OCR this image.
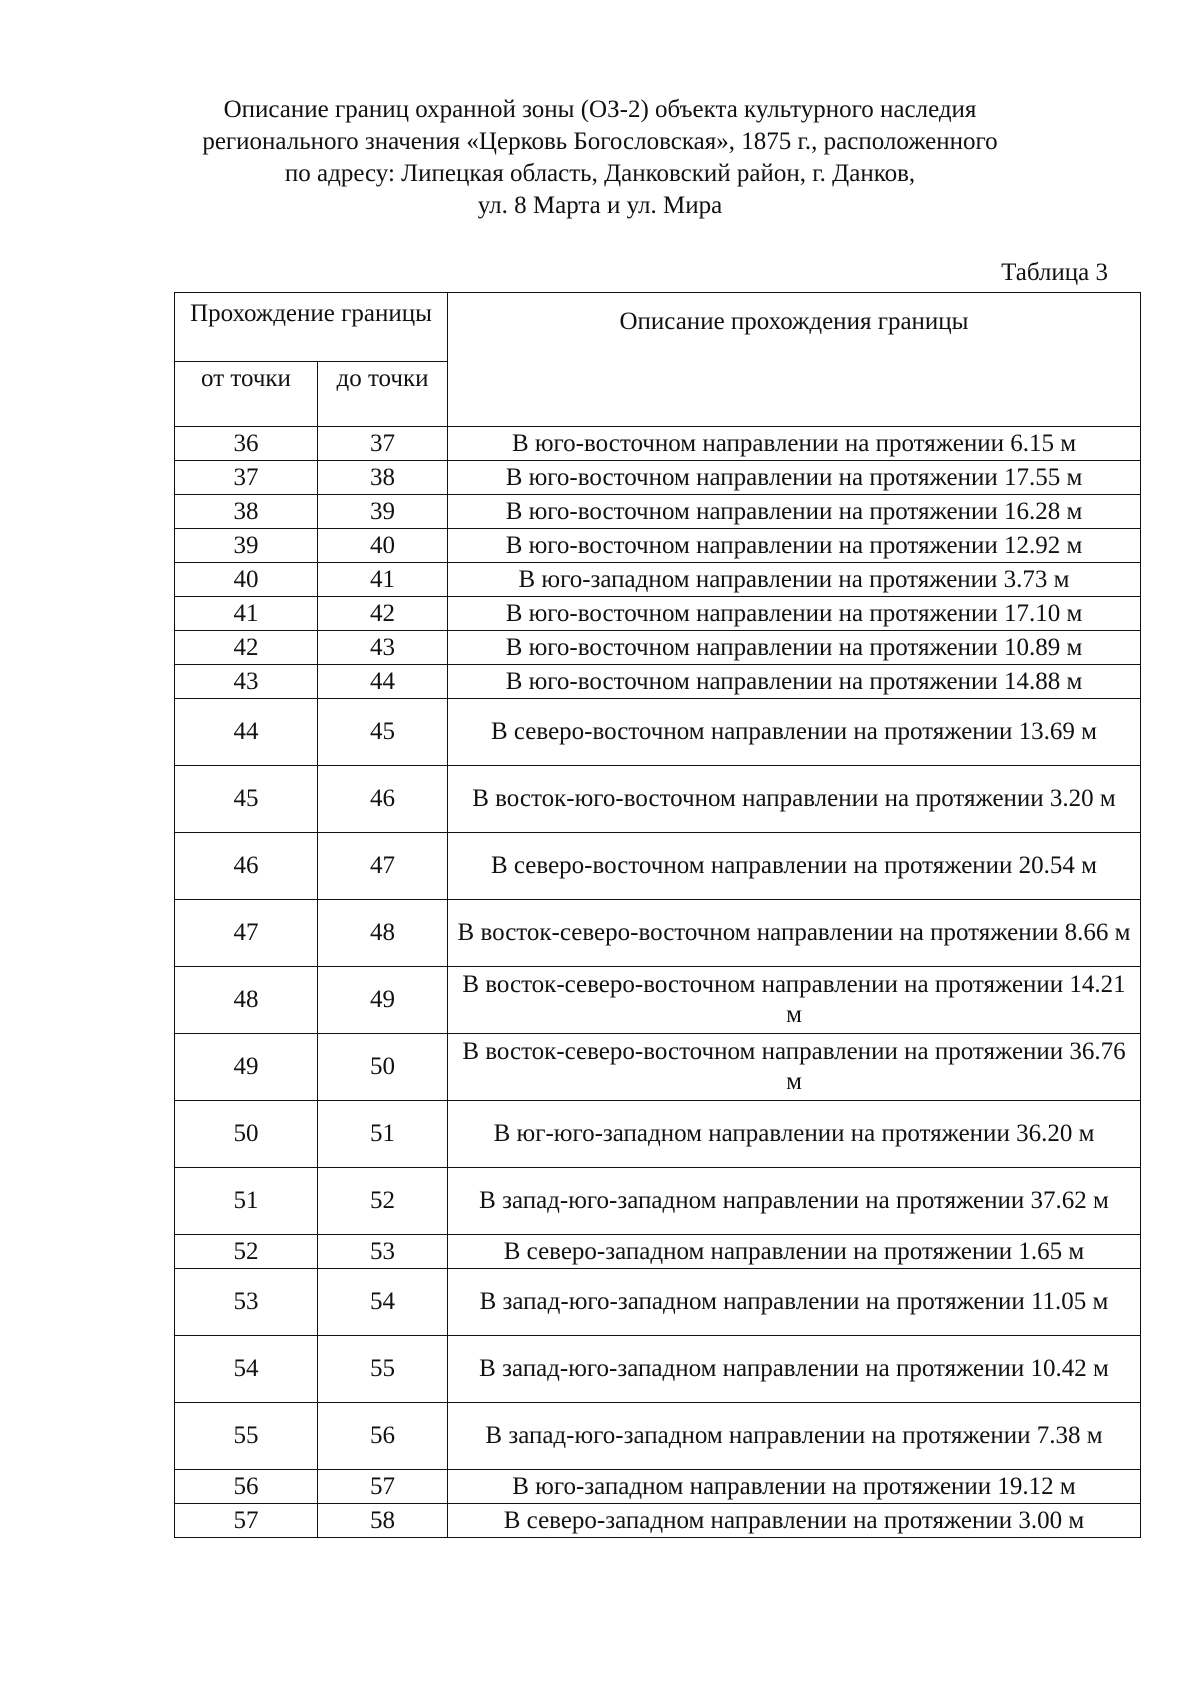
Описание границ охранной зоны (ОЗ-2) объекта культурного наследия
регионального значения «Церковь Богословская», 1875 г., расположенного
по адресу: Липецкая область, Данковский район, г. Данков,
ул. 8 Марта и ул. Мира
Таблица 3
Прохождение границы		Описание прохождения границы
от точки	до точки	
36	37	В юго-восточном направлении на протяжении 6.15 м
37	38	В юго-восточном направлении на протяжении 17.55 м
38	39	В юго-восточном направлении на протяжении 16.28 м
39	40	В юго-восточном направлении на протяжении 12.92 м
40	41	В юго-западном направлении на протяжении 3.73 м
41	42	В юго-восточном направлении на протяжении 17.10 м
42	43	В юго-восточном направлении на протяжении 10.89 м
43	44	В юго-восточном направлении на протяжении 14.88 м
44	45	В северо-восточном направлении на протяжении 13.69 м
45	46	В восток-юго-восточном направлении на протяжении 3.20 м
46	47	В северо-восточном направлении на протяжении 20.54 м
47	48	В восток-северо-восточном направлении на протяжении 8.66 м
48	49	В восток-северо-восточном направлении на протяжении 14.21 м
49	50	В восток-северо-восточном направлении на протяжении 36.76 м
50	51	В юг-юго-западном направлении на протяжении 36.20 м
51	52	В запад-юго-западном направлении на протяжении 37.62 м
52	53	В северо-западном направлении на протяжении 1.65 м
53	54	В запад-юго-западном направлении на протяжении 11.05 м
54	55	В запад-юго-западном направлении на протяжении 10.42 м
55	56	В запад-юго-западном направлении на протяжении 7.38 м
56	57	В юго-западном направлении на протяжении 19.12 м
57	58	В северо-западном направлении на протяжении 3.00 м
